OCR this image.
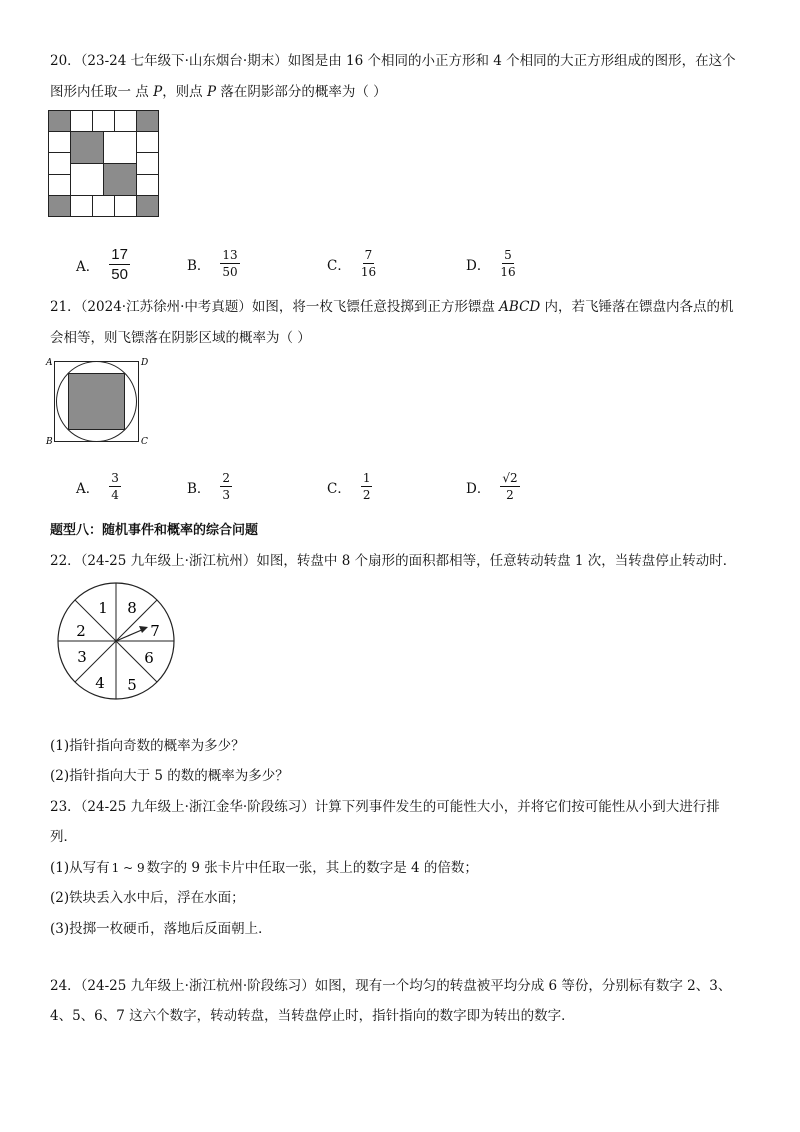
20．（23-24 七年级下·山东烟台·期末）如图是由 16 个相同的小正方形和 4 个相同的大正方形组成的图形，在这个
图形内任取一 点 P，则点 P 落在阴影部分的概率为（ ）
A． $\frac{17}{50}$	B． $\frac{13}{50}$	C． $\frac{7}{16}$	D． $\frac{5}{16}$
21．（2024·江苏徐州·中考真题）如图，将一枚飞镖任意投掷到正方形镖盘 ABCD 内，若飞锤落在镖盘内各点的机
会相等，则飞镖落在阴影区域的概率为（ ）
A	D
B	C
A． $\frac{3}{4}$	B． $\frac{2}{3}$	C． $\frac{1}{2}$	D． $\frac{√2}{2}$
题型八：随机事件和概率的综合问题
22．（24-25 九年级上·浙江杭州）如图，转盘中 8 个扇形的面积都相等，任意转动转盘 1 次，当转盘停止转动时．
1 8
7
6
5
4
3
2
(1)指针指向奇数的概率为多少？
(2)指针指向大于 5 的数的概率为多少？
23．（24-25 九年级上·浙江金华·阶段练习）计算下列事件发生的可能性大小，并将它们按可能性从小到大进行排
列．
(1)从写有 1 ~ 9 数字的 9 张卡片中任取一张，其上的数字是 4 的倍数；
(2)铁块丢入水中后，浮在水面；
(3)投掷一枚硬币，落地后反面朝上．
24．（24-25 九年级上·浙江杭州·阶段练习）如图，现有一个均匀的转盘被平均分成 6 等份，分别标有数字 2、3、
4、5、6、7 这六个数字，转动转盘，当转盘停止时，指针指向的数字即为转出的数字．
